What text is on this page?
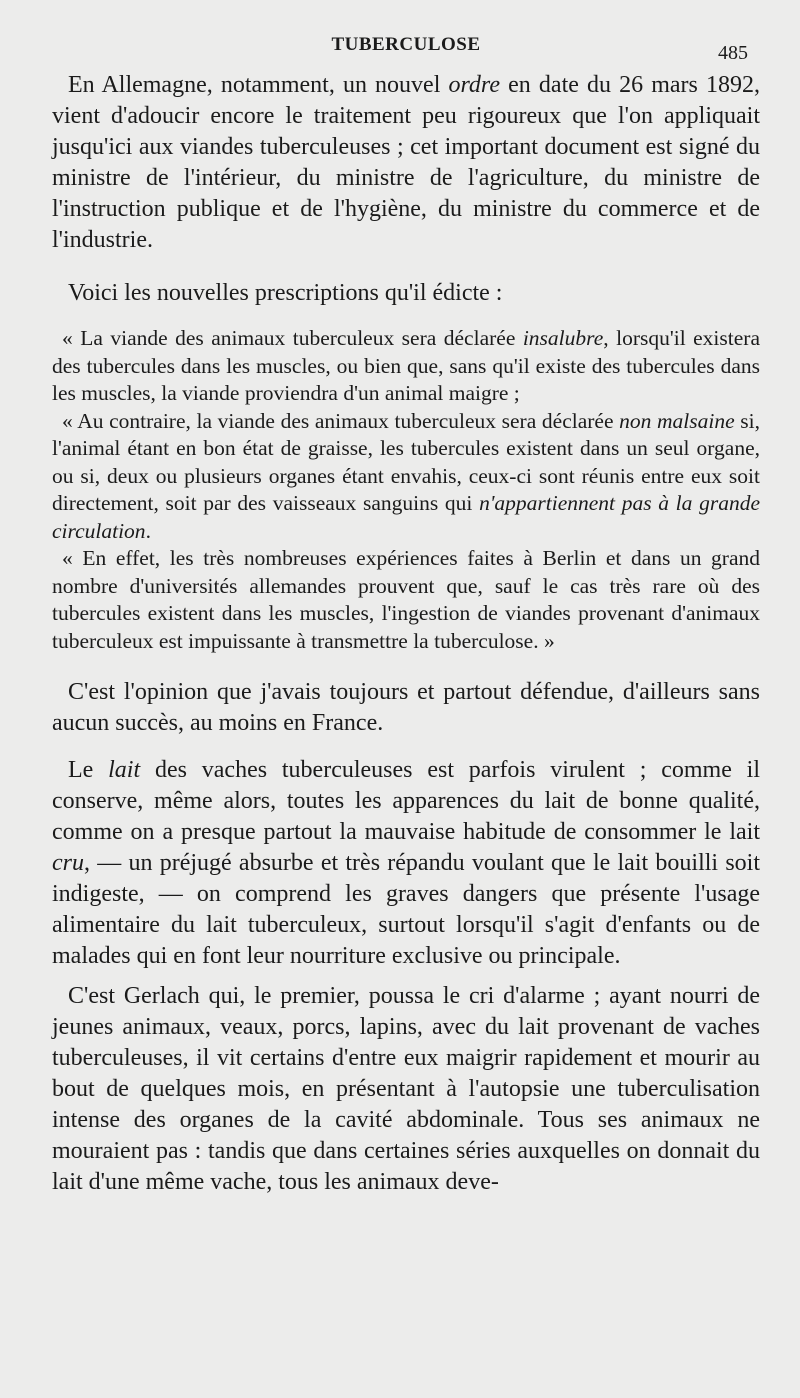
TUBERCULOSE	485

En Allemagne, notamment, un nouvel ordre en date du 26 mars 1892, vient d'adoucir encore le traitement peu rigoureux que l'on appliquait jusqu'ici aux viandes tuberculeuses ; cet important document est signé du ministre de l'intérieur, du ministre de l'agriculture, du ministre de l'instruction publique et de l'hygiène, du ministre du commerce et de l'industrie.

Voici les nouvelles prescriptions qu'il édicte :

« La viande des animaux tuberculeux sera déclarée insalubre, lorsqu'il existera des tubercules dans les muscles, ou bien que, sans qu'il existe des tubercules dans les muscles, la viande proviendra d'un animal maigre ;

« Au contraire, la viande des animaux tuberculeux sera déclarée non malsaine si, l'animal étant en bon état de graisse, les tubercules existent dans un seul organe, ou si, deux ou plusieurs organes étant envahis, ceux-ci sont réunis entre eux soit directement, soit par des vaisseaux sanguins qui n'appartiennent pas à la grande circulation.

« En effet, les très nombreuses expériences faites à Berlin et dans un grand nombre d'universités allemandes prouvent que, sauf le cas très rare où des tubercules existent dans les muscles, l'ingestion de viandes provenant d'animaux tuberculeux est impuissante à transmettre la tuberculose. »

C'est l'opinion que j'avais toujours et partout défendue, d'ailleurs sans aucun succès, au moins en France.

Le lait des vaches tuberculeuses est parfois virulent ; comme il conserve, même alors, toutes les apparences du lait de bonne qualité, comme on a presque partout la mauvaise habitude de consommer le lait cru, — un préjugé absurbe et très répandu voulant que le lait bouilli soit indigeste, — on comprend les graves dangers que présente l'usage alimentaire du lait tuberculeux, surtout lorsqu'il s'agit d'enfants ou de malades qui en font leur nourriture exclusive ou principale.

C'est Gerlach qui, le premier, poussa le cri d'alarme ; ayant nourri de jeunes animaux, veaux, porcs, lapins, avec du lait provenant de vaches tuberculeuses, il vit certains d'entre eux maigrir rapidement et mourir au bout de quelques mois, en présentant à l'autopsie une tuberculisation intense des organes de la cavité abdominale. Tous ses animaux ne mouraient pas : tandis que dans certaines séries auxquelles on donnait du lait d'une même vache, tous les animaux deve-
